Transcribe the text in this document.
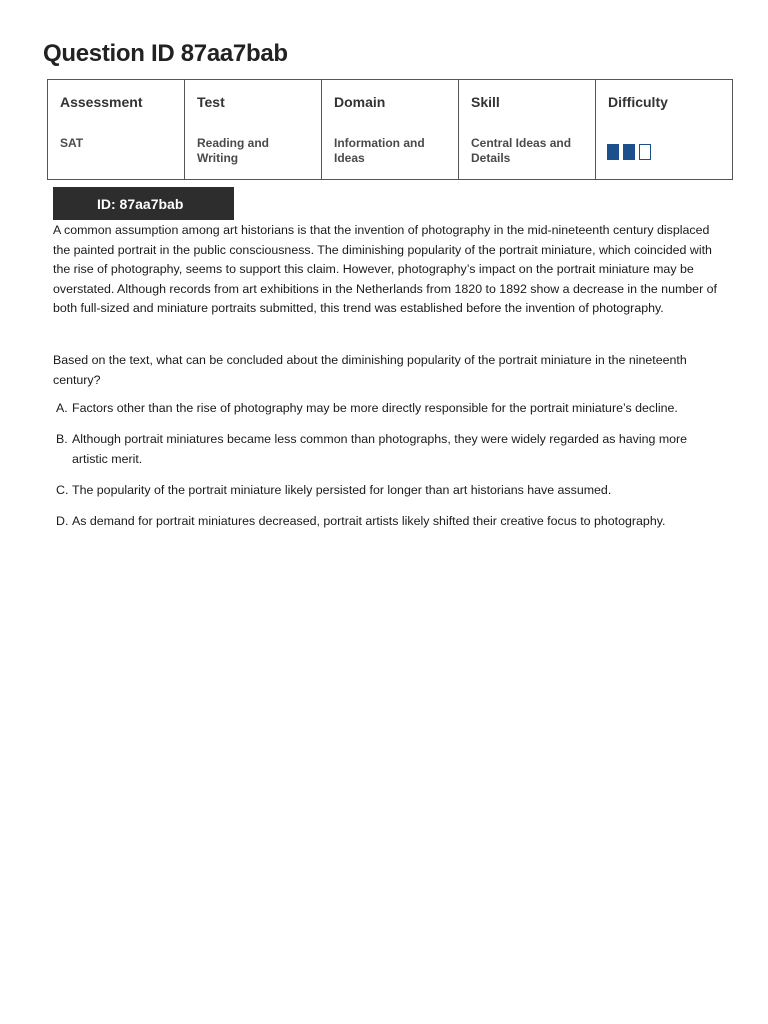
Question ID 87aa7bab
Assessment
SAT
Test
Reading and Writing
Domain
Information and Ideas
Skill
Central Ideas and Details
Difficulty
ID: 87aa7bab

A common assumption among art historians is that the invention of photography in the mid-nineteenth century displaced the painted portrait in the public consciousness. The diminishing popularity of the portrait miniature, which coincided with the rise of photography, seems to support this claim. However, photography’s impact on the portrait miniature may be overstated. Although records from art exhibitions in the Netherlands from 1820 to 1892 show a decrease in the number of both full-sized and miniature portraits submitted, this trend was established before the invention of photography.

Based on the text, what can be concluded about the diminishing popularity of the portrait miniature in the nineteenth century?

A. Factors other than the rise of photography may be more directly responsible for the portrait miniature’s decline.
B. Although portrait miniatures became less common than photographs, they were widely regarded as having more artistic merit.
C. The popularity of the portrait miniature likely persisted for longer than art historians have assumed.
D. As demand for portrait miniatures decreased, portrait artists likely shifted their creative focus to photography.
